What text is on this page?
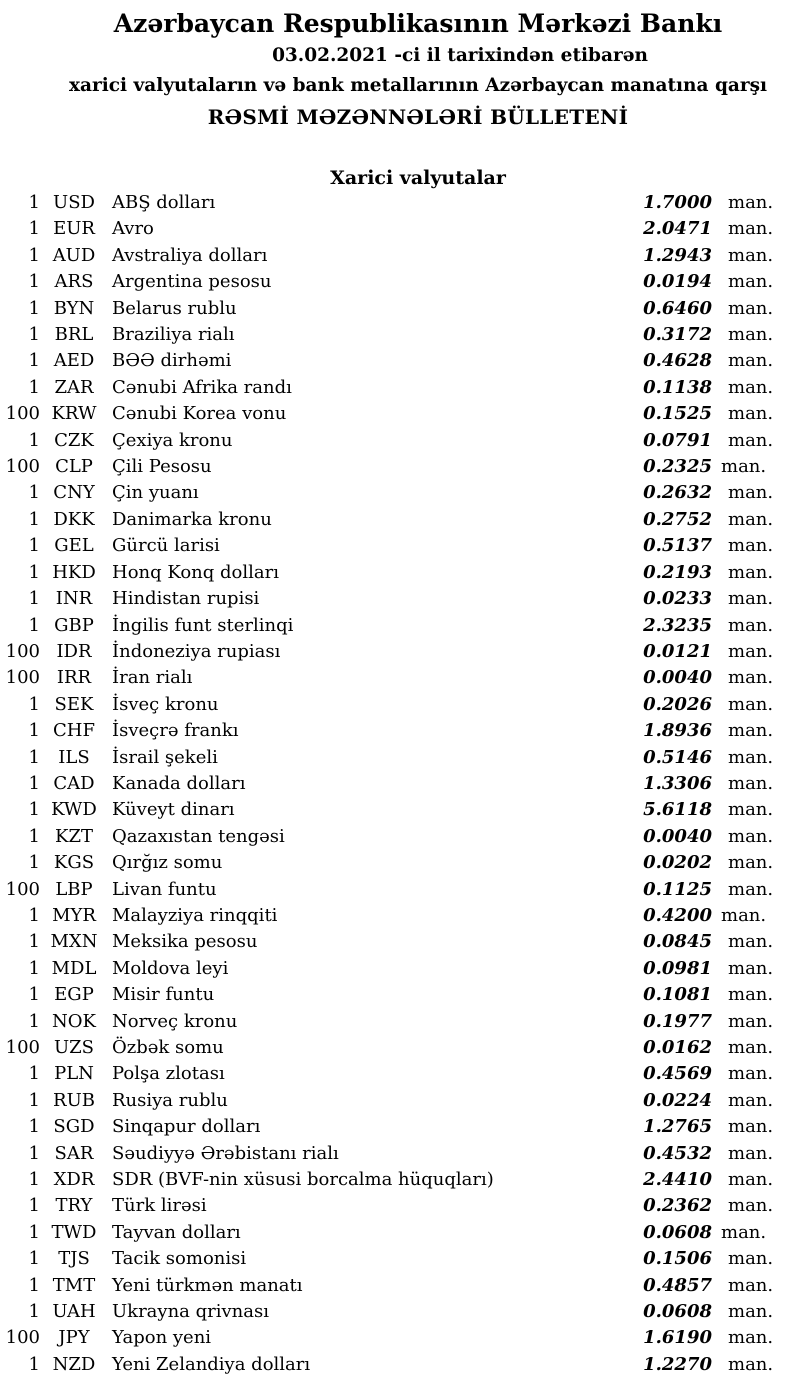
Azərbaycan Respublikasının Mərkəzi Bankı
03.02.2021 -ci il tarixindən etibarən
xarici valyutaların və bank metallarının Azərbaycan manatına qarşı
RƏSMİ MƏZƏNNƏLƏRİ BÜLLETENİ
Xarici valyutalar
1 USD ABŞ dolları	1.7000 man.
1 EUR Avro	2.0471 man.
1 AUD Avstraliya dolları	1.2943 man.
1 ARS	Argentina pesosu	0.0194 man.
1 BYN Belarus rublu	0.6460 man.
1 BRL	Braziliya rialı	0.3172 man.
1 AED BƏƏ dirhəmi	0.4628 man.
1 ZAR	Cənubi Afrika randı	0.1138 man.
100 KRW Cənubi Korea vonu	0.1525 man.
1 CZK	Çexiya kronu	0.0791 man.
100 CLP	Çili Pesosu	0.2325 man.
1 CNY Çin yuanı	0.2632 man.
1 DKK Danimarka kronu	0.2752 man.
1 GEL	Gürcü larisi	0.5137 man.
1 HKD Honq Konq dolları	0.2193 man.
1 INR	Hindistan rupisi	0.0233 man.
1 GBP	İngilis funt sterlinqi	2.3235 man.
100 IDR	İndoneziya rupiası	0.0121 man.
100 IRR	İran rialı	0.0040 man.
1 SEK	İsveç kronu	0.2026 man.
1 CHF İsveçrə frankı	1.8936 man.
1	ILS	İsrail şekeli	0.5146 man.
1 CAD Kanada dolları	1.3306 man.
1 KWD Küveyt dinarı	5.6118 man.
1 KZT	Qazaxıstan tengəsi	0.0040 man.
1 KGS Qırğız somu	0.0202 man.
100 LBP	Livan funtu	0.1125 man.
1 MYR Malayziya rinqqiti	0.4200 man.
1 MXN Meksika pesosu	0.0845 man.
1 MDL Moldova leyi	0.0981 man.
1 EGP	Misir funtu	0.1081 man.
1 NOK Norveç kronu	0.1977 man.
100 UZS	Özbək somu	0.0162 man.
1 PLN	Polşa zlotası	0.4569 man.
1 RUB Rusiya rublu	0.0224 man.
1 SGD Sinqapur dolları	1.2765 man.
1 SAR	Səudiyyə Ərəbistanı rialı	0.4532 man.
1 XDR SDR (BVF-nin xüsusi borcalma hüquqları)	2.4410 man.
1 TRY	Türk lirəsi	0.2362 man.
1 TWD Tayvan dolları	0.0608 man.
1	TJS	Tacik somonisi	0.1506 man.
1 TMT Yeni türkmən manatı	0.4857 man.
1 UAH Ukrayna qrivnası	0.0608 man.
100	JPY	Yapon yeni	1.6190 man.
1 NZD Yeni Zelandiya dolları	1.2270 man.
